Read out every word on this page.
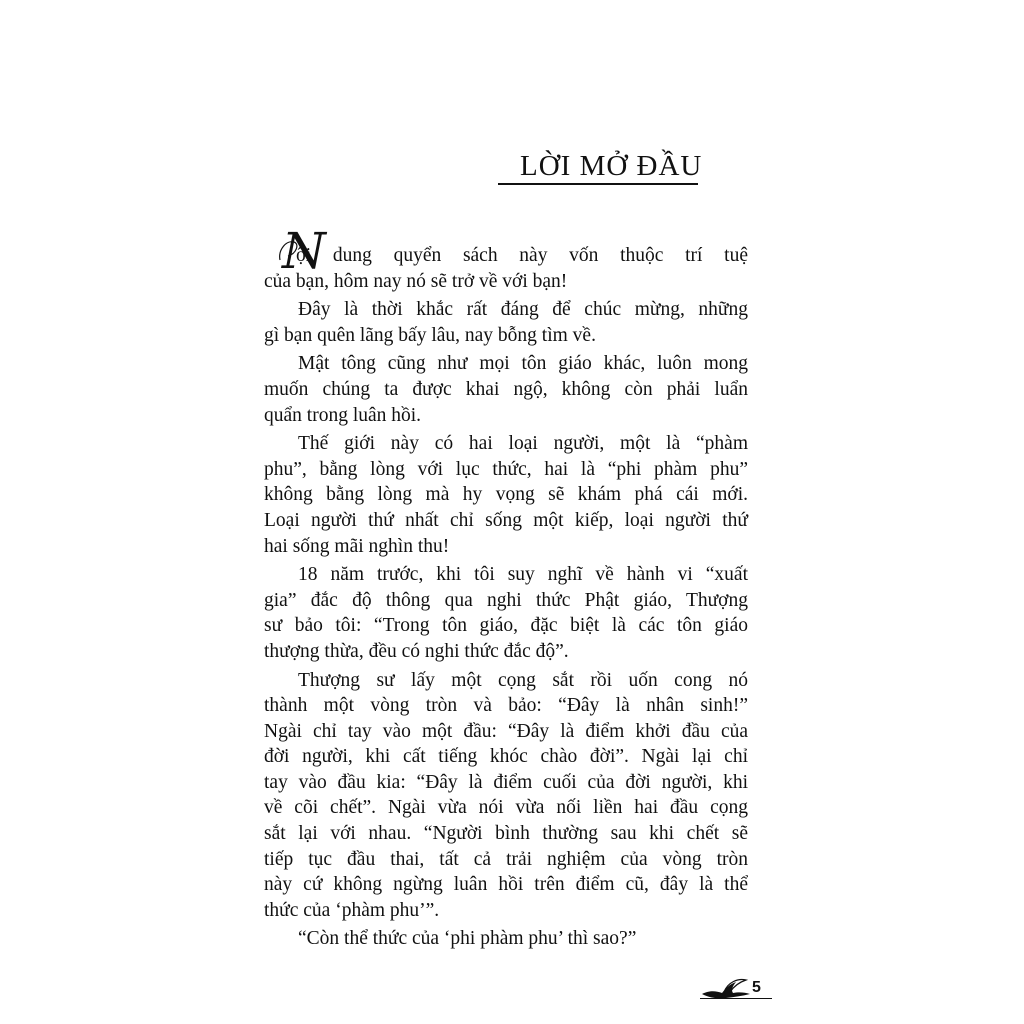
LỜI MỞ ĐẦU
N
ội dung quyển sách này vốn thuộc trí tuệ
của bạn, hôm nay nó sẽ trở về với bạn!
Đây là thời khắc rất đáng để chúc mừng, những
gì bạn quên lãng bấy lâu, nay bỗng tìm về.
Mật tông cũng như mọi tôn giáo khác, luôn mong
muốn chúng ta được khai ngộ, không còn phải luẩn
quẩn trong luân hồi.
Thế giới này có hai loại người, một là “phàm
phu”, bằng lòng với lục thức, hai là “phi phàm phu”
không bằng lòng mà hy vọng sẽ khám phá cái mới.
Loại người thứ nhất chỉ sống một kiếp, loại người thứ
hai sống mãi nghìn thu!
18 năm trước, khi tôi suy nghĩ về hành vi “xuất
gia” đắc độ thông qua nghi thức Phật giáo, Thượng
sư bảo tôi: “Trong tôn giáo, đặc biệt là các tôn giáo
thượng thừa, đều có nghi thức đắc độ”.
Thượng sư lấy một cọng sắt rồi uốn cong nó
thành một vòng tròn và bảo: “Đây là nhân sinh!”
Ngài chỉ tay vào một đầu: “Đây là điểm khởi đầu của
đời người, khi cất tiếng khóc chào đời”. Ngài lại chỉ
tay vào đầu kia: “Đây là điểm cuối của đời người, khi
về cõi chết”. Ngài vừa nói vừa nối liền hai đầu cọng
sắt lại với nhau. “Người bình thường sau khi chết sẽ
tiếp tục đầu thai, tất cả trải nghiệm của vòng tròn
này cứ không ngừng luân hồi trên điểm cũ, đây là thể
thức của ‘phàm phu’”.
“Còn thể thức của ‘phi phàm phu’ thì sao?”
5
